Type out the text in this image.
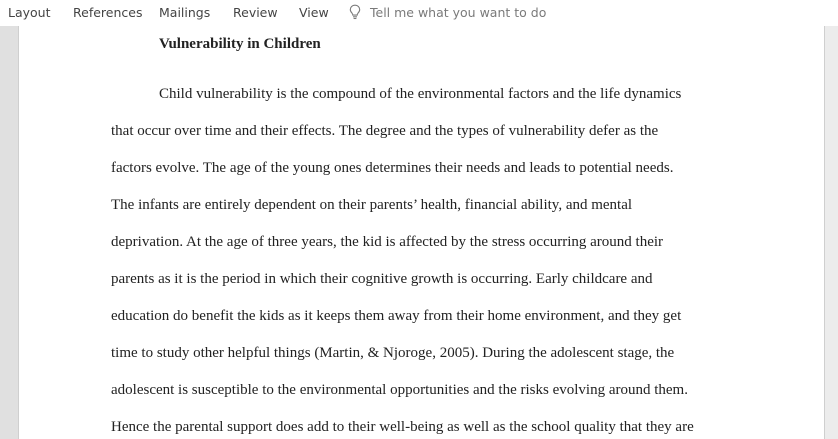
Layout References Mailings Review View	Tell me what you want to do
Vulnerability in Children
Child vulnerability is the compound of the environmental factors and the life dynamics
that occur over time and their effects. The degree and the types of vulnerability defer as the
factors evolve. The age of the young ones determines their needs and leads to potential needs.
The infants are entirely dependent on their parents’ health, financial ability, and mental
deprivation. At the age of three years, the kid is affected by the stress occurring around their
parents as it is the period in which their cognitive growth is occurring. Early childcare and
education do benefit the kids as it keeps them away from their home environment, and they get
time to study other helpful things (Martin, & Njoroge, 2005). During the adolescent stage, the
adolescent is susceptible to the environmental opportunities and the risks evolving around them.
Hence the parental support does add to their well-being as well as the school quality that they are
